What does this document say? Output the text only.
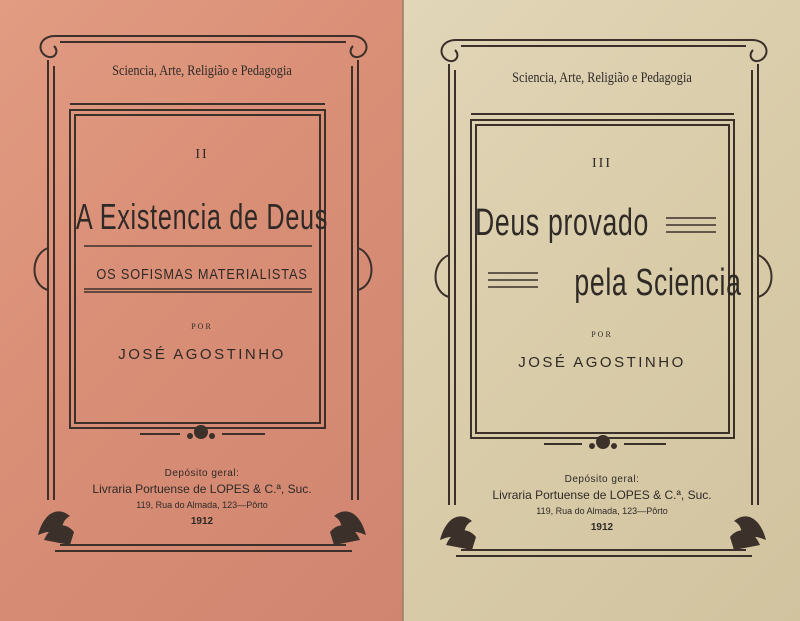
Sciencia, Arte, Religião e Pedagogia
II
A Existencia de Deus
OS SOFISMAS MATERIALISTAS
POR
JOSÉ AGOSTINHO
Depósito geral:
Livraria Portuense de LOPES & C.ª, Suc.
119, Rua do Almada, 123—Pôrto
1912
Sciencia, Arte, Religião e Pedagogia
III
Deus provado
pela Sciencia
POR
JOSÉ AGOSTINHO
Depósito geral:
Livraria Portuense de LOPES & C.ª, Suc.
119, Rua do Almada, 123—Pôrto
1912
